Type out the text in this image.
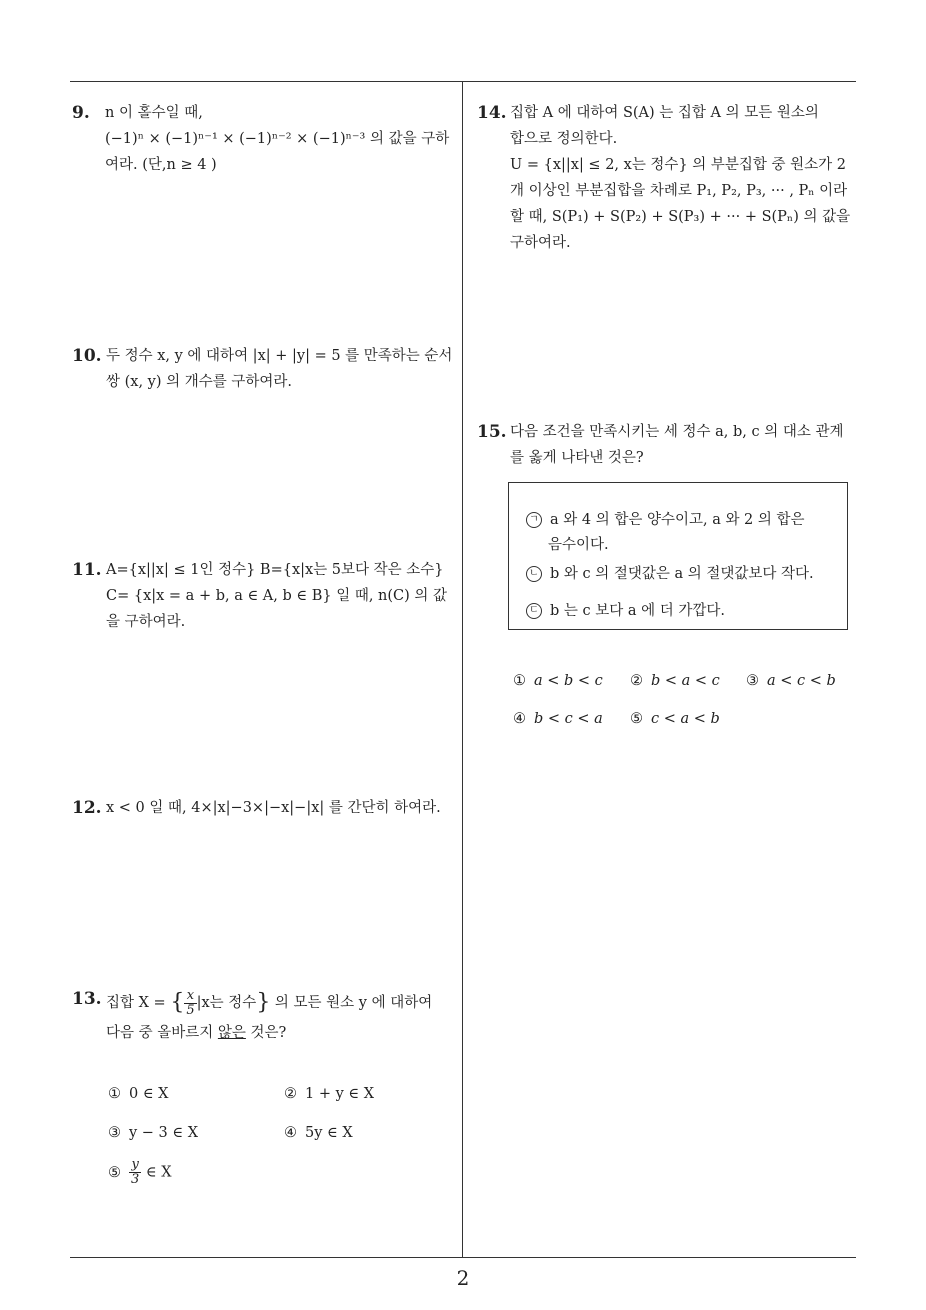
9. n 이 홀수일 때,
(−1)ⁿ × (−1)ⁿ⁻¹ × (−1)ⁿ⁻² × (−1)ⁿ⁻³ 의 값을 구하
여라. (단,n ≥ 4 )
10. 두 정수 x, y 에 대하여 |x| + |y| = 5 를 만족하는 순서
쌍 (x, y) 의 개수를 구하여라.
11. A={x||x| ≤ 1인 정수} B={x|x는 5보다 작은 소수}
C= {x|x = a + b, a ∈ A, b ∈ B} 일 때, n(C) 의 값
을 구하여라.
12. x < 0 일 때, 4×|x|−3×|−x|−|x| 를 간단히 하여라.
13. 집합 X = { $\frac{x}{5} |x$는 정수} 의 모든 원소 y 에 대하여
다음 중 올바르지 않은 것은?
① 0 ∈ X	② 1 + y ∈ X
③ y − 3 ∈ X	④ 5y ∈ X
⑤ $\frac{y}{3}$ ∈ X
14. 집합 A 에 대하여 S(A) 는 집합 A 의 모든 원소의
합으로 정의한다.
U = {x||x| ≤ 2, x는 정수} 의 부분집합 중 원소가 2
개 이상인 부분집합을 차례로 P₁, P₂, P₃, ··· , Pₙ 이라
할 때, S(P₁) + S(P₂) + S(P₃) + ··· + S(Pₙ) 의 값을
구하여라.
15. 다음 조건을 만족시키는 세 정수 a, b, c 의 대소 관계
를 옳게 나타낸 것은?
ㄱ a 와 4 의 합은 양수이고, a 와 2 의 합은
음수이다.
ㄴ b 와 c 의 절댓값은 a 의 절댓값보다 작다.
ㄷ b 는 c 보다 a 에 더 가깝다.
① a < b < c ② b < a < c ③ a < c < b
④ b < c < a ⑤ c < a < b
2
